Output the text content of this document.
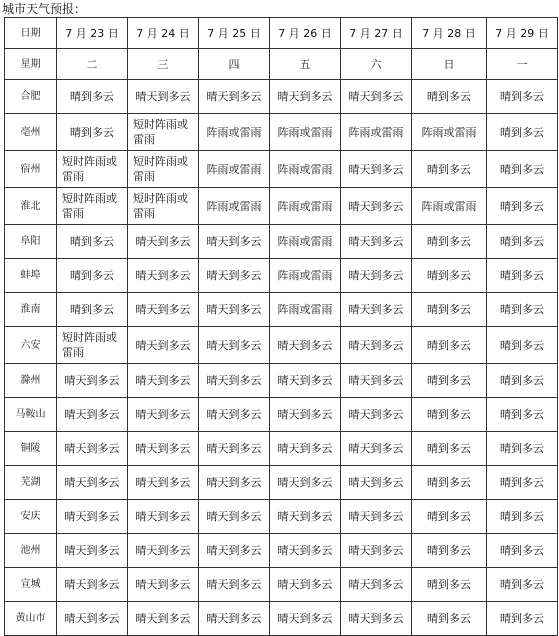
城市天气预报：
日期	7 月 23 日	7 月 24 日	7 月 25 日	7 月 26 日	7 月 27 日	7 月 28 日	7 月 29 日
星期	二	三	四	五	六	日	一
合肥	晴到多云	晴天到多云	晴天到多云	晴天到多云	晴天到多云	晴到多云	晴到多云
亳州	晴到多云	短时阵雨或雷雨	阵雨或雷雨	阵雨或雷雨	阵雨或雷雨	阵雨或雷雨	晴到多云
宿州	短时阵雨或雷雨	短时阵雨或雷雨	阵雨或雷雨	阵雨或雷雨	晴天到多云	晴到多云	晴到多云
淮北	短时阵雨或雷雨	短时阵雨或雷雨	阵雨或雷雨	阵雨或雷雨	晴天到多云	阵雨或雷雨	晴到多云
阜阳	晴到多云	晴天到多云	晴天到多云	阵雨或雷雨	晴天到多云	晴到多云	晴到多云
蚌埠	晴到多云	晴天到多云	晴天到多云	阵雨或雷雨	晴天到多云	晴到多云	晴到多云
淮南	晴到多云	晴天到多云	晴天到多云	阵雨或雷雨	晴天到多云	晴到多云	晴到多云
六安	短时阵雨或雷雨	晴天到多云	晴天到多云	晴天到多云	晴天到多云	晴到多云	晴到多云
滁州	晴天到多云	晴天到多云	晴天到多云	晴天到多云	晴天到多云	晴到多云	晴到多云
马鞍山	晴天到多云	晴天到多云	晴天到多云	晴天到多云	晴天到多云	晴到多云	晴到多云
铜陵	晴天到多云	晴天到多云	晴天到多云	晴天到多云	晴天到多云	晴到多云	晴到多云
芜湖	晴天到多云	晴天到多云	晴天到多云	晴天到多云	晴天到多云	晴到多云	晴到多云
安庆	晴天到多云	晴天到多云	晴天到多云	晴天到多云	晴天到多云	晴到多云	晴到多云
池州	晴天到多云	晴天到多云	晴天到多云	晴天到多云	晴天到多云	晴到多云	晴到多云
宣城	晴天到多云	晴天到多云	晴天到多云	晴天到多云	晴天到多云	晴到多云	晴到多云
黄山市	晴天到多云	晴天到多云	晴天到多云	晴天到多云	晴天到多云	晴到多云	晴到多云
